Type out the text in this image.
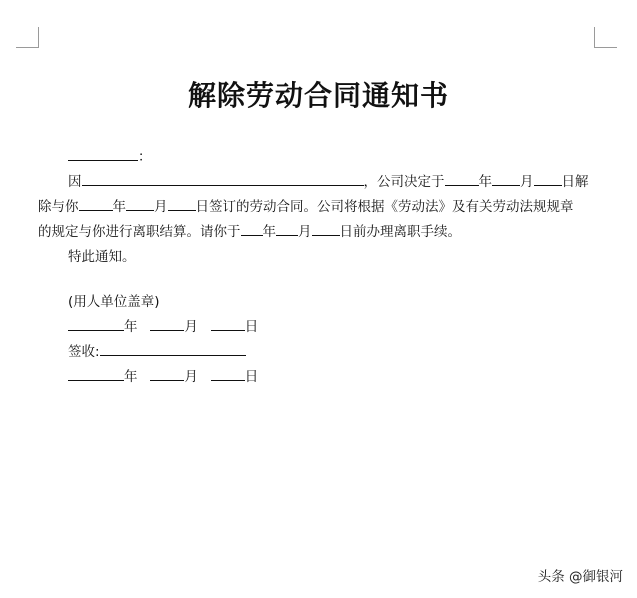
解除劳动合同通知书
：
因	，公司决定于	年 月 日解
除与你	年 月 日签订的劳动合同。公司将根据《劳动法》及有关劳动法规规章
的规定与你进行离职结算。请你于 年 月 日前办理离职手续。
特此通知。
(用人单位盖章)
年	月	日
签收:
年	月	日
头条 @御银河
